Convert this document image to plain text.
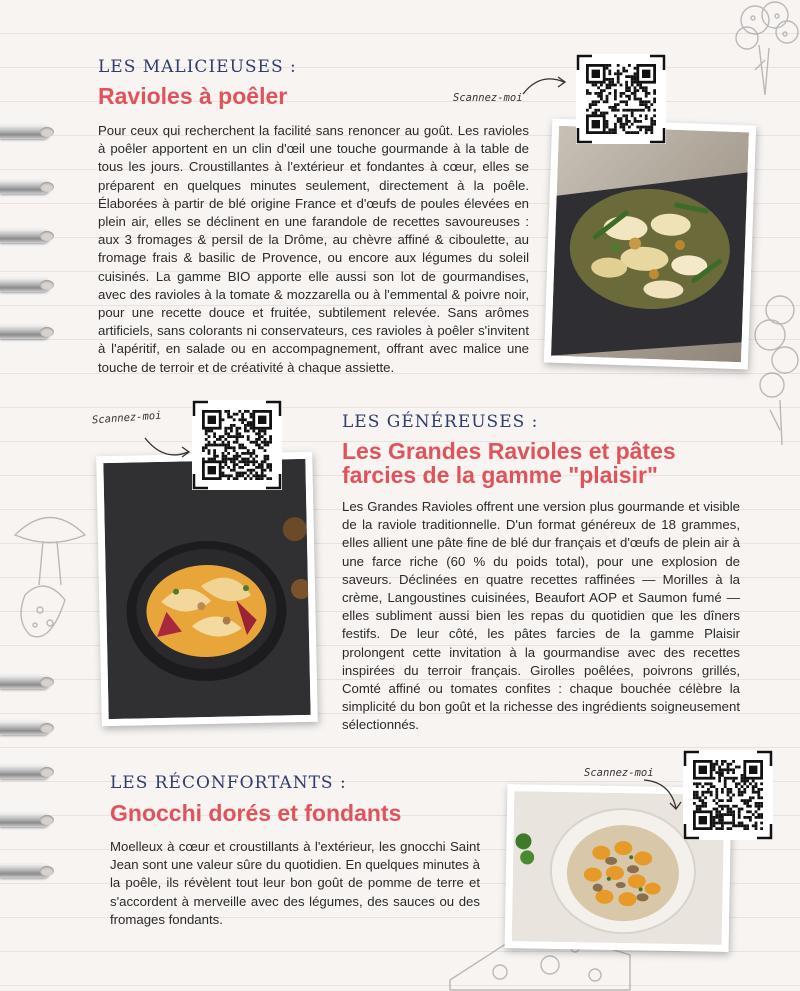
LES MALICIEUSES :
Ravioles à poêler

Pour ceux qui recherchent la facilité sans renoncer au goût. Les ravioles à poêler apportent en un clin d'œil une touche gourmande à la table de tous les jours. Croustillantes à l'extérieur et fondantes à cœur, elles se préparent en quelques minutes seulement, directement à la poêle. Élaborées à partir de blé origine France et d'œufs de poules élevées en plein air, elles se déclinent en une farandole de recettes savoureuses : aux 3 fromages & persil de la Drôme, au chèvre affiné & ciboulette, au fromage frais & basilic de Provence, ou encore aux légumes du soleil cuisinés. La gamme BIO apporte elle aussi son lot de gourmandises, avec des ravioles à la tomate & mozzarella ou à l'emmental & poivre noir, pour une recette douce et fruitée, subtilement relevée. Sans arômes artificiels, sans colorants ni conservateurs, ces ravioles à poêler s'invitent à l'apéritif, en salade ou en accompagnement, offrant avec malice une touche de terroir et de créativité à chaque assiette.

Scannez-moi
LES GÉNÉREUSES :
Les Grandes Ravioles et pâtes farcies de la gamme "plaisir"

Les Grandes Ravioles offrent une version plus gourmande et visible de la raviole traditionnelle. D'un format généreux de 18 grammes, elles allient une pâte fine de blé dur français et d'œufs de plein air à une farce riche (60 % du poids total), pour une explosion de saveurs. Déclinées en quatre recettes raffinées — Morilles à la crème, Langoustines cuisinées, Beaufort AOP et Saumon fumé — elles subliment aussi bien les repas du quotidien que les dîners festifs. De leur côté, les pâtes farcies de la gamme Plaisir prolongent cette invitation à la gourmandise avec des recettes inspirées du terroir français. Girolles poêlées, poivrons grillés, Comté affiné ou tomates confites : chaque bouchée célèbre la simplicité du bon goût et la richesse des ingrédients soigneusement sélectionnés.

Scannez-moi
LES RÉCONFORTANTS :
Gnocchi dorés et fondants

Moelleux à cœur et croustillants à l'extérieur, les gnocchi Saint Jean sont une valeur sûre du quotidien. En quelques minutes à la poêle, ils révèlent tout leur bon goût de pomme de terre et s'accordent à merveille avec des légumes, des sauces ou des fromages fondants.

Scannez-moi
